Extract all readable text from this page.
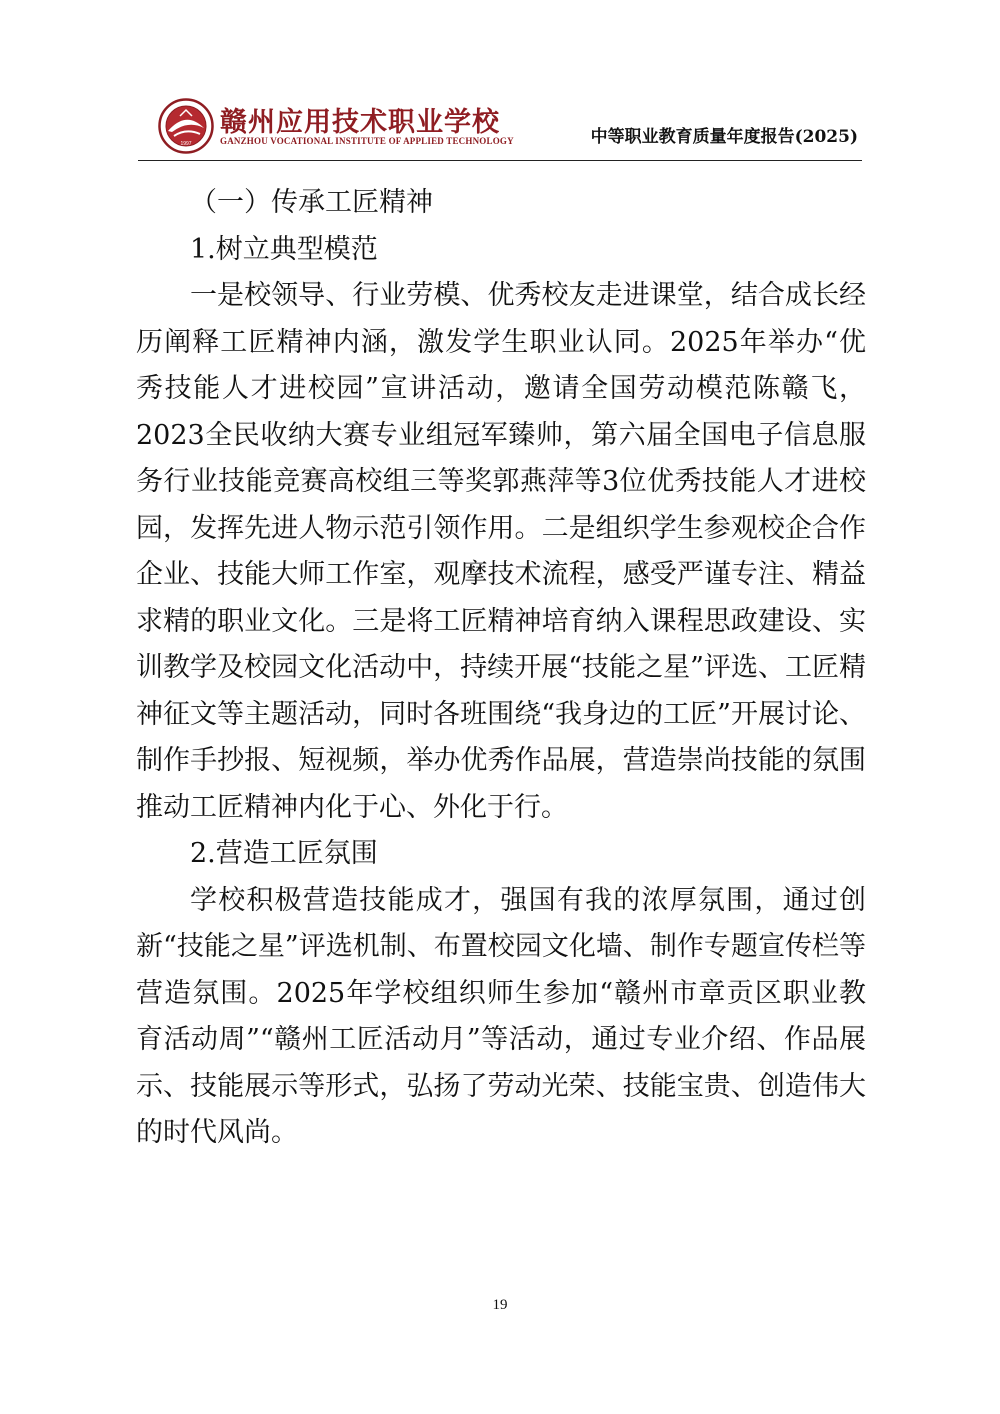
1997
赣州应用技术职业学校
GANZHOU VOCATIONAL INSTITUTE OF APPLIED TECHNOLOGY	中等职业教育质量年度报告(2025)

（一）传承工匠精神

1.树立典型模范

一是校领导、行业劳模、优秀校友走进课堂，结合成长经历阐释工匠精神内涵，激发学生职业认同。2025年举办“优秀技能人才进校园”宣讲活动，邀请全国劳动模范陈赣飞，2023全民收纳大赛专业组冠军臻帅，第六届全国电子信息服务行业技能竞赛高校组三等奖郭燕萍等3位优秀技能人才进校园，发挥先进人物示范引领作用。二是组织学生参观校企合作企业、技能大师工作室，观摩技术流程，感受严谨专注、精益求精的职业文化。三是将工匠精神培育纳入课程思政建设、实训教学及校园文化活动中，持续开展“技能之星”评选、工匠精神征文等主题活动，同时各班围绕“我身边的工匠”开展讨论、制作手抄报、短视频，举办优秀作品展，营造崇尚技能的氛围推动工匠精神内化于心、外化于行。

2.营造工匠氛围

学校积极营造技能成才，强国有我的浓厚氛围，通过创新“技能之星”评选机制、布置校园文化墙、制作专题宣传栏等营造氛围。2025年学校组织师生参加“赣州市章贡区职业教育活动周”“赣州工匠活动月”等活动，通过专业介绍、作品展示、技能展示等形式，弘扬了劳动光荣、技能宝贵、创造伟大的时代风尚。

19
